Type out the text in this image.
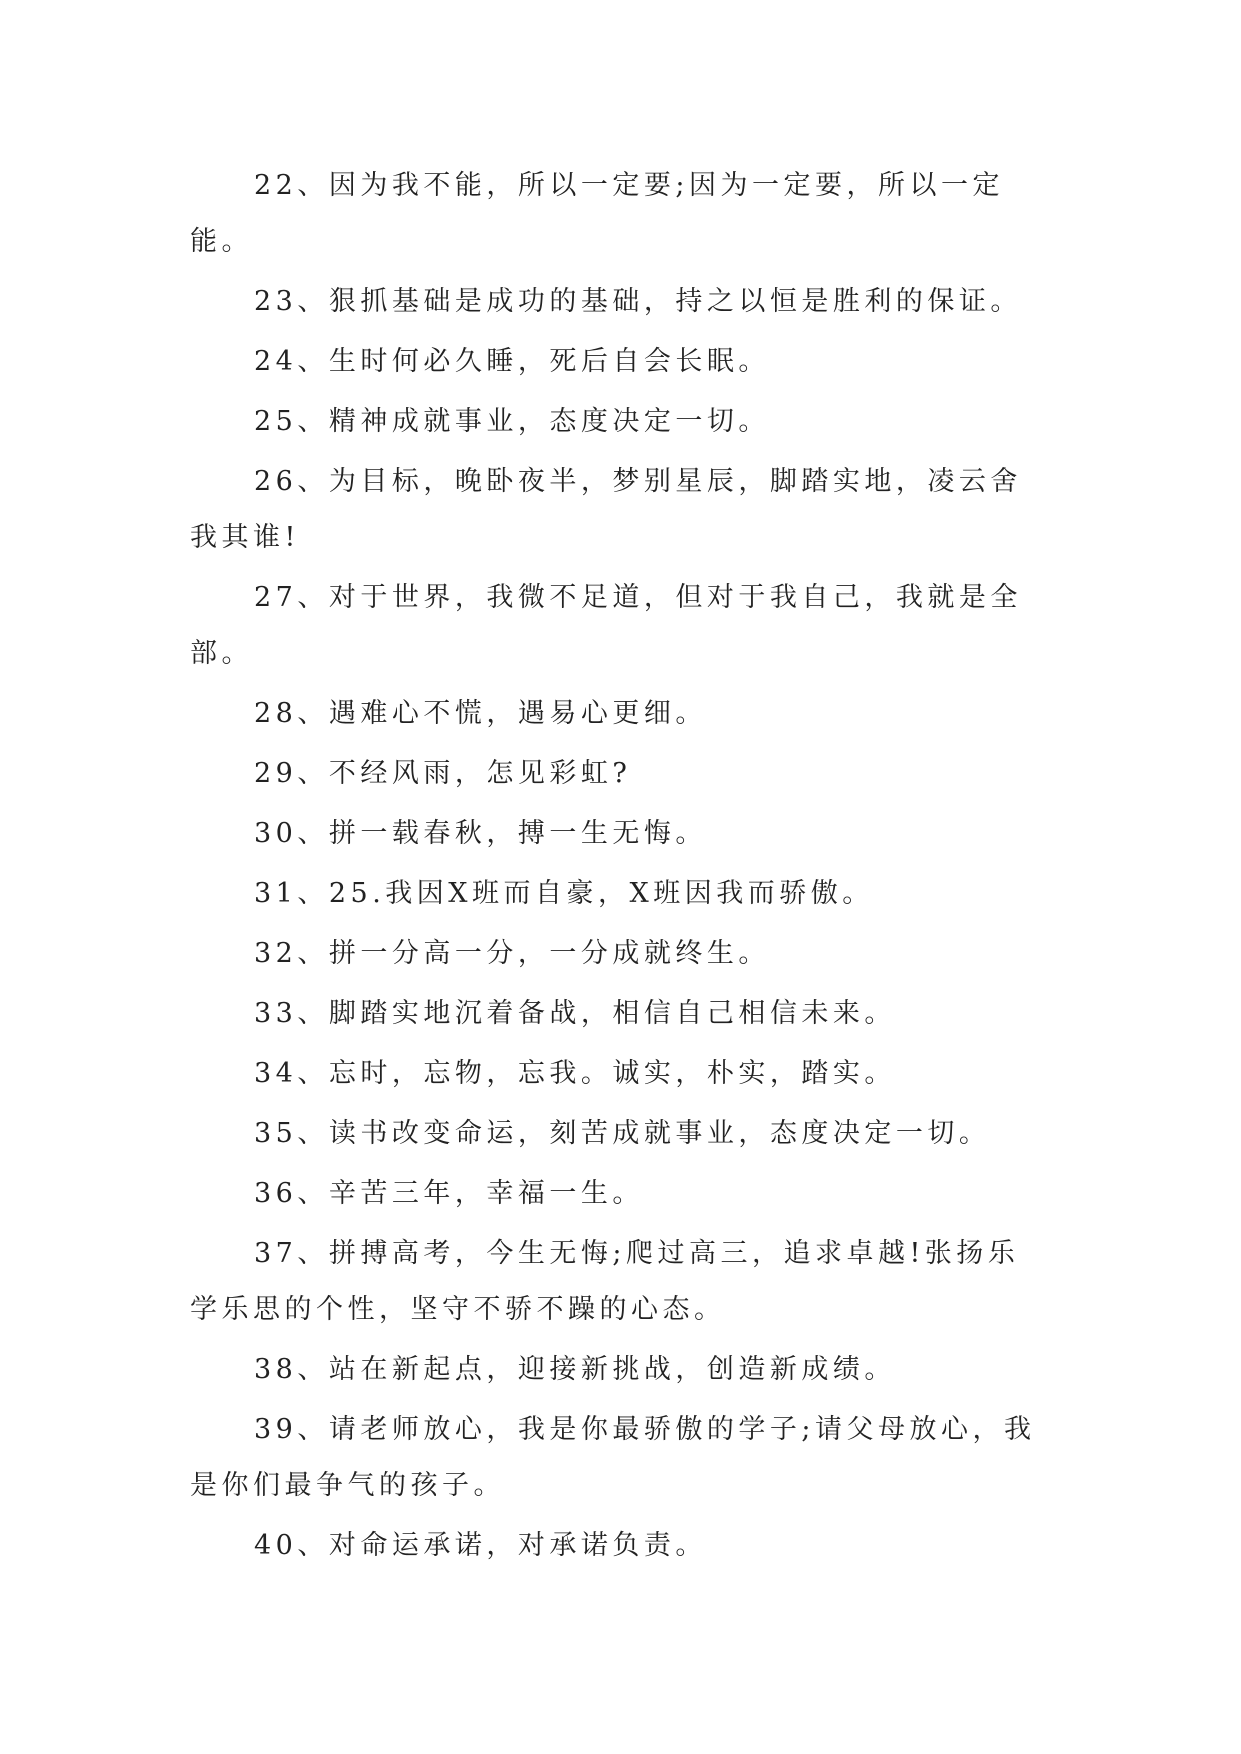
22、因为我不能，所以一定要;因为一定要，所以一定能。

23、狠抓基础是成功的基础，持之以恒是胜利的保证。

24、生时何必久睡，死后自会长眠。

25、精神成就事业，态度决定一切。

26、为目标，晚卧夜半，梦别星辰，脚踏实地，凌云舍我其谁!

27、对于世界，我微不足道，但对于我自己，我就是全部。

28、遇难心不慌，遇易心更细。

29、不经风雨，怎见彩虹?

30、拼一载春秋，搏一生无悔。

31、25.我因X班而自豪，X班因我而骄傲。

32、拼一分高一分，一分成就终生。

33、脚踏实地沉着备战，相信自己相信未来。

34、忘时，忘物，忘我。诚实，朴实，踏实。

35、读书改变命运，刻苦成就事业，态度决定一切。

36、辛苦三年，幸福一生。

37、拼搏高考，今生无悔;爬过高三，追求卓越!张扬乐学乐思的个性，坚守不骄不躁的心态。

38、站在新起点，迎接新挑战，创造新成绩。

39、请老师放心，我是你最骄傲的学子;请父母放心，我是你们最争气的孩子。

40、对命运承诺，对承诺负责。
